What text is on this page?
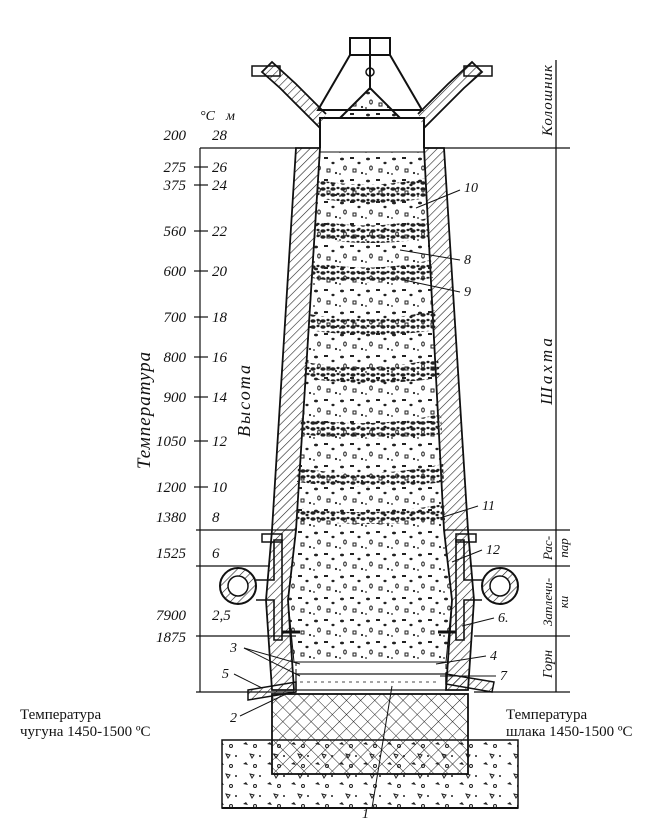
Колошник
Шахта
Рас- пар
Заплечи- ки
Горн
200 28
275 26
375 24
560 22
600 20
700 18
800 16
900 14
1050 12
1200 10
1380 8
1525 6
7900 2,5
1875
°C м
Температура	Высота
10
8
9
11
12
6.
4
7
3
5
2
1
Температура
чугуна 1450-1500 ºС
Температура
шлака 1450-1500 ºС
